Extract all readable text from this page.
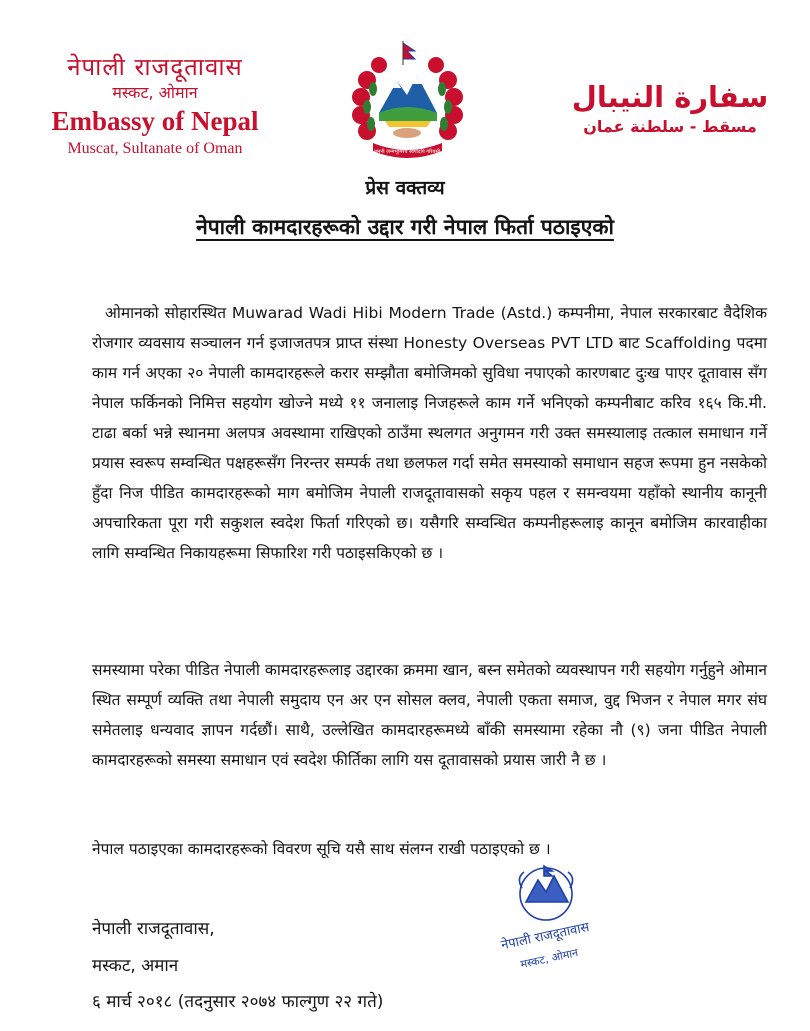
नेपाली राजदूतावास
मस्कट, ओमान
Embassy of Nepal
Muscat, Sultanate of Oman	जननी जन्मभूमिश्च स्वर्गादपि गरियसी
سفارة النيبال
مسقط - سلطنة عمان
प्रेस वक्तव्य
नेपाली कामदारहरूको उद्दार गरी नेपाल फिर्ता पठाइएको
ओमानको सोहारस्थित Muwarad Wadi Hibi Modern Trade (Astd.) कम्पनीमा, नेपाल सरकारबाट वैदेशिक रोजगार व्यवसाय सञ्चालन गर्न इजाजतपत्र प्राप्त संस्था Honesty Overseas PVT LTD बाट Scaffolding पदमा काम गर्न अएका २० नेपाली कामदारहरूले करार सम्झौता बमोजिमको सुविधा नपाएको कारणबाट दुःख पाएर दूतावास सँग नेपाल फर्किनको निमित्त सहयोग खोज्ने मध्ये ११ जनालाइ निजहरूले काम गर्ने भनिएको कम्पनीबाट करिव १६५ कि.मी. टाढा बर्का भन्ने स्थानमा अलपत्र अवस्थामा राखिएको ठाउँमा स्थलगत अनुगमन गरी उक्त समस्यालाइ तत्काल समाधान गर्ने प्रयास स्वरूप सम्वन्धित पक्षहरूसँग निरन्तर सम्पर्क तथा छलफल गर्दा समेत समस्याको समाधान सहज रूपमा हुन नसकेको हुँदा निज पीडित कामदारहरूको माग बमोजिम नेपाली राजदूतावासको सकृय पहल र समन्वयमा यहाँको स्थानीय कानूनी अपचारिकता पूरा गरी सकुशल स्वदेश फिर्ता गरिएको छ। यसैगरि सम्वन्धित कम्पनीहरूलाइ कानून बमोजिम कारवाहीका लागि सम्वन्धित निकायहरूमा सिफारिश गरी पठाइसकिएको छ ।
समस्यामा परेका पीडित नेपाली कामदारहरूलाइ उद्दारका क्रममा खान, बस्न समेतको व्यवस्थापन गरी सहयोग गर्नुहुने ओमान स्थित सम्पूर्ण व्यक्ति तथा नेपाली समुदाय एन अर एन सोसल क्लव, नेपाली एकता समाज, वुद्द भिजन र नेपाल मगर संघ समेतलाइ धन्यवाद ज्ञापन गर्दछौं। साथै, उल्लेखित कामदारहरूमध्ये बाँकी समस्यामा रहेका नौ (९) जना पीडित नेपाली कामदारहरूको समस्या समाधान एवं स्वदेश फीर्तिका लागि यस दूतावासको प्रयास जारी नै छ ।
नेपाल पठाइएका कामदारहरूको विवरण सूचि यसै साथ संलग्न राखी पठाइएको छ ।
नेपाली राजदूतावास,
मस्कट, अमान
६ मार्च २०१८ (तदनुसार २०७४ फाल्गुण २२ गते)
नेपाली राजदूतावास
मस्कट, ओमान
